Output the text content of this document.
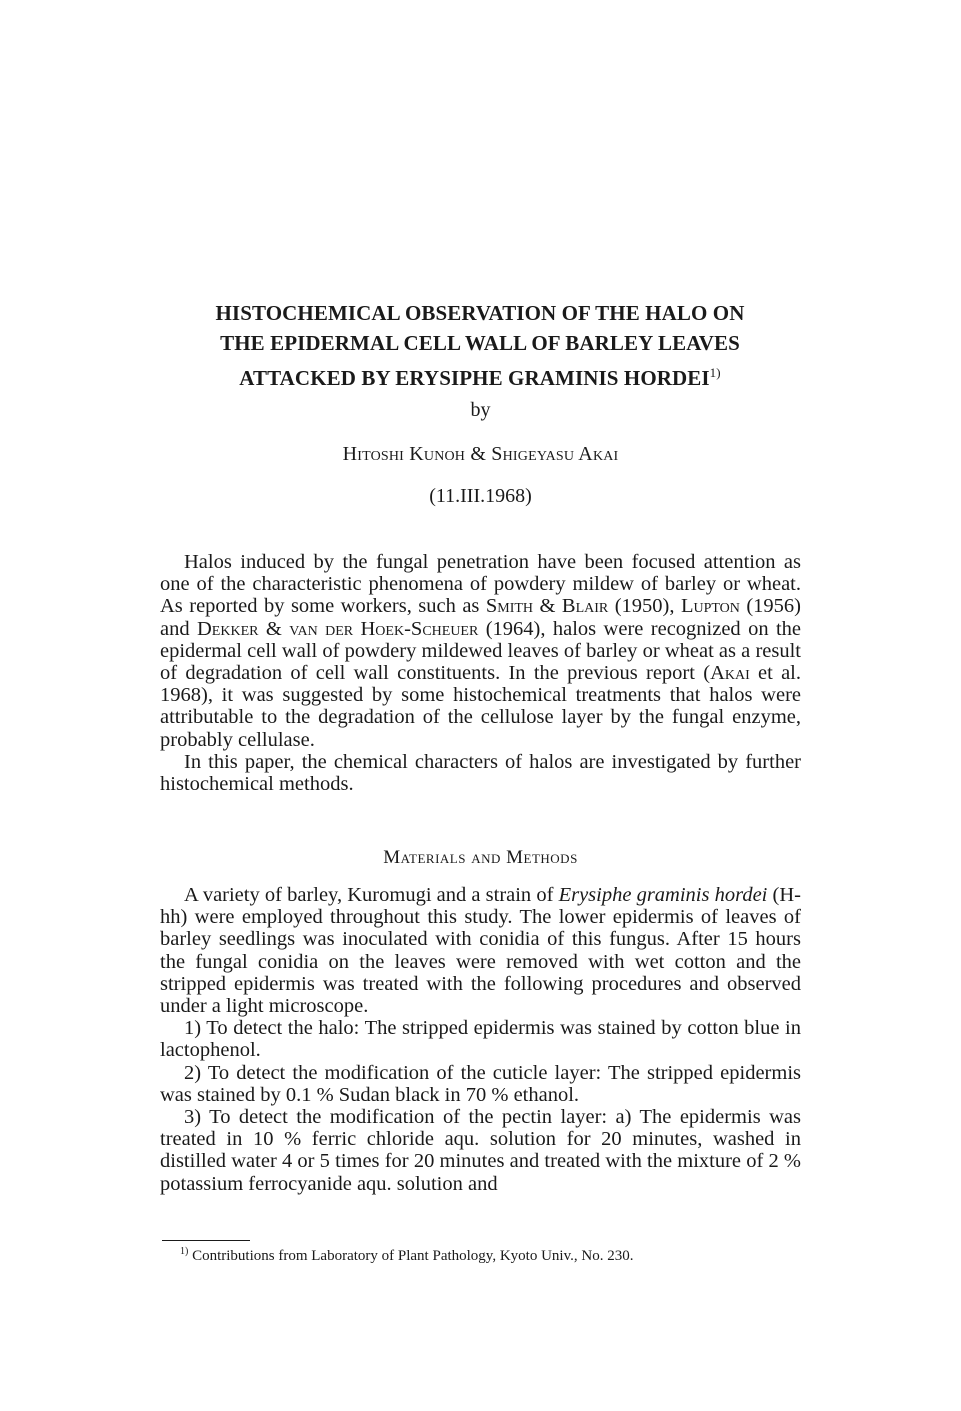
HISTOCHEMICAL OBSERVATION OF THE HALO ON
THE EPIDERMAL CELL WALL OF BARLEY LEAVES
ATTACKED BY ERYSIPHE GRAMINIS HORDEI$^{1)}$
by
Hitoshi Kunoh & Shigeyasu Akai
(11.III.1968)

Halos induced by the fungal penetration have been focused attention as one of the characteristic phenomena of powdery mildew of barley or wheat. As reported by some workers, such as Smith & Blair (1950), Lupton (1956) and Dekker & van der Hoek-Scheuer (1964), halos were recognized on the epidermal cell wall of powdery mildewed leaves of barley or wheat as a result of degradation of cell wall constituents. In the previous report (Akai et al. 1968), it was suggested by some histochemical treatments that halos were attributable to the degradation of the cellulose layer by the fungal enzyme, probably cellulase.

In this paper, the chemical characters of halos are investigated by further histochemical methods.

Materials and Methods

A variety of barley, Kuromugi and a strain of Erysiphe graminis hordei (H-hh) were employed throughout this study. The lower epidermis of leaves of barley seedlings was inoculated with conidia of this fungus. After 15 hours the fungal conidia on the leaves were removed with wet cotton and the stripped epidermis was treated with the following procedures and observed under a light microscope.

1) To detect the halo: The stripped epidermis was stained by cotton blue in lactophenol.

2) To detect the modification of the cuticle layer: The stripped epidermis was stained by 0.1 % Sudan black in 70 % ethanol.

3) To detect the modification of the pectin layer: a) The epidermis was treated in 10 % ferric chloride aqu. solution for 20 minutes, washed in distilled water 4 or 5 times for 20 minutes and treated with the mixture of 2 % potassium ferrocyanide aqu. solution and

$^{1)}$ Contributions from Laboratory of Plant Pathology, Kyoto Univ., No. 230.
